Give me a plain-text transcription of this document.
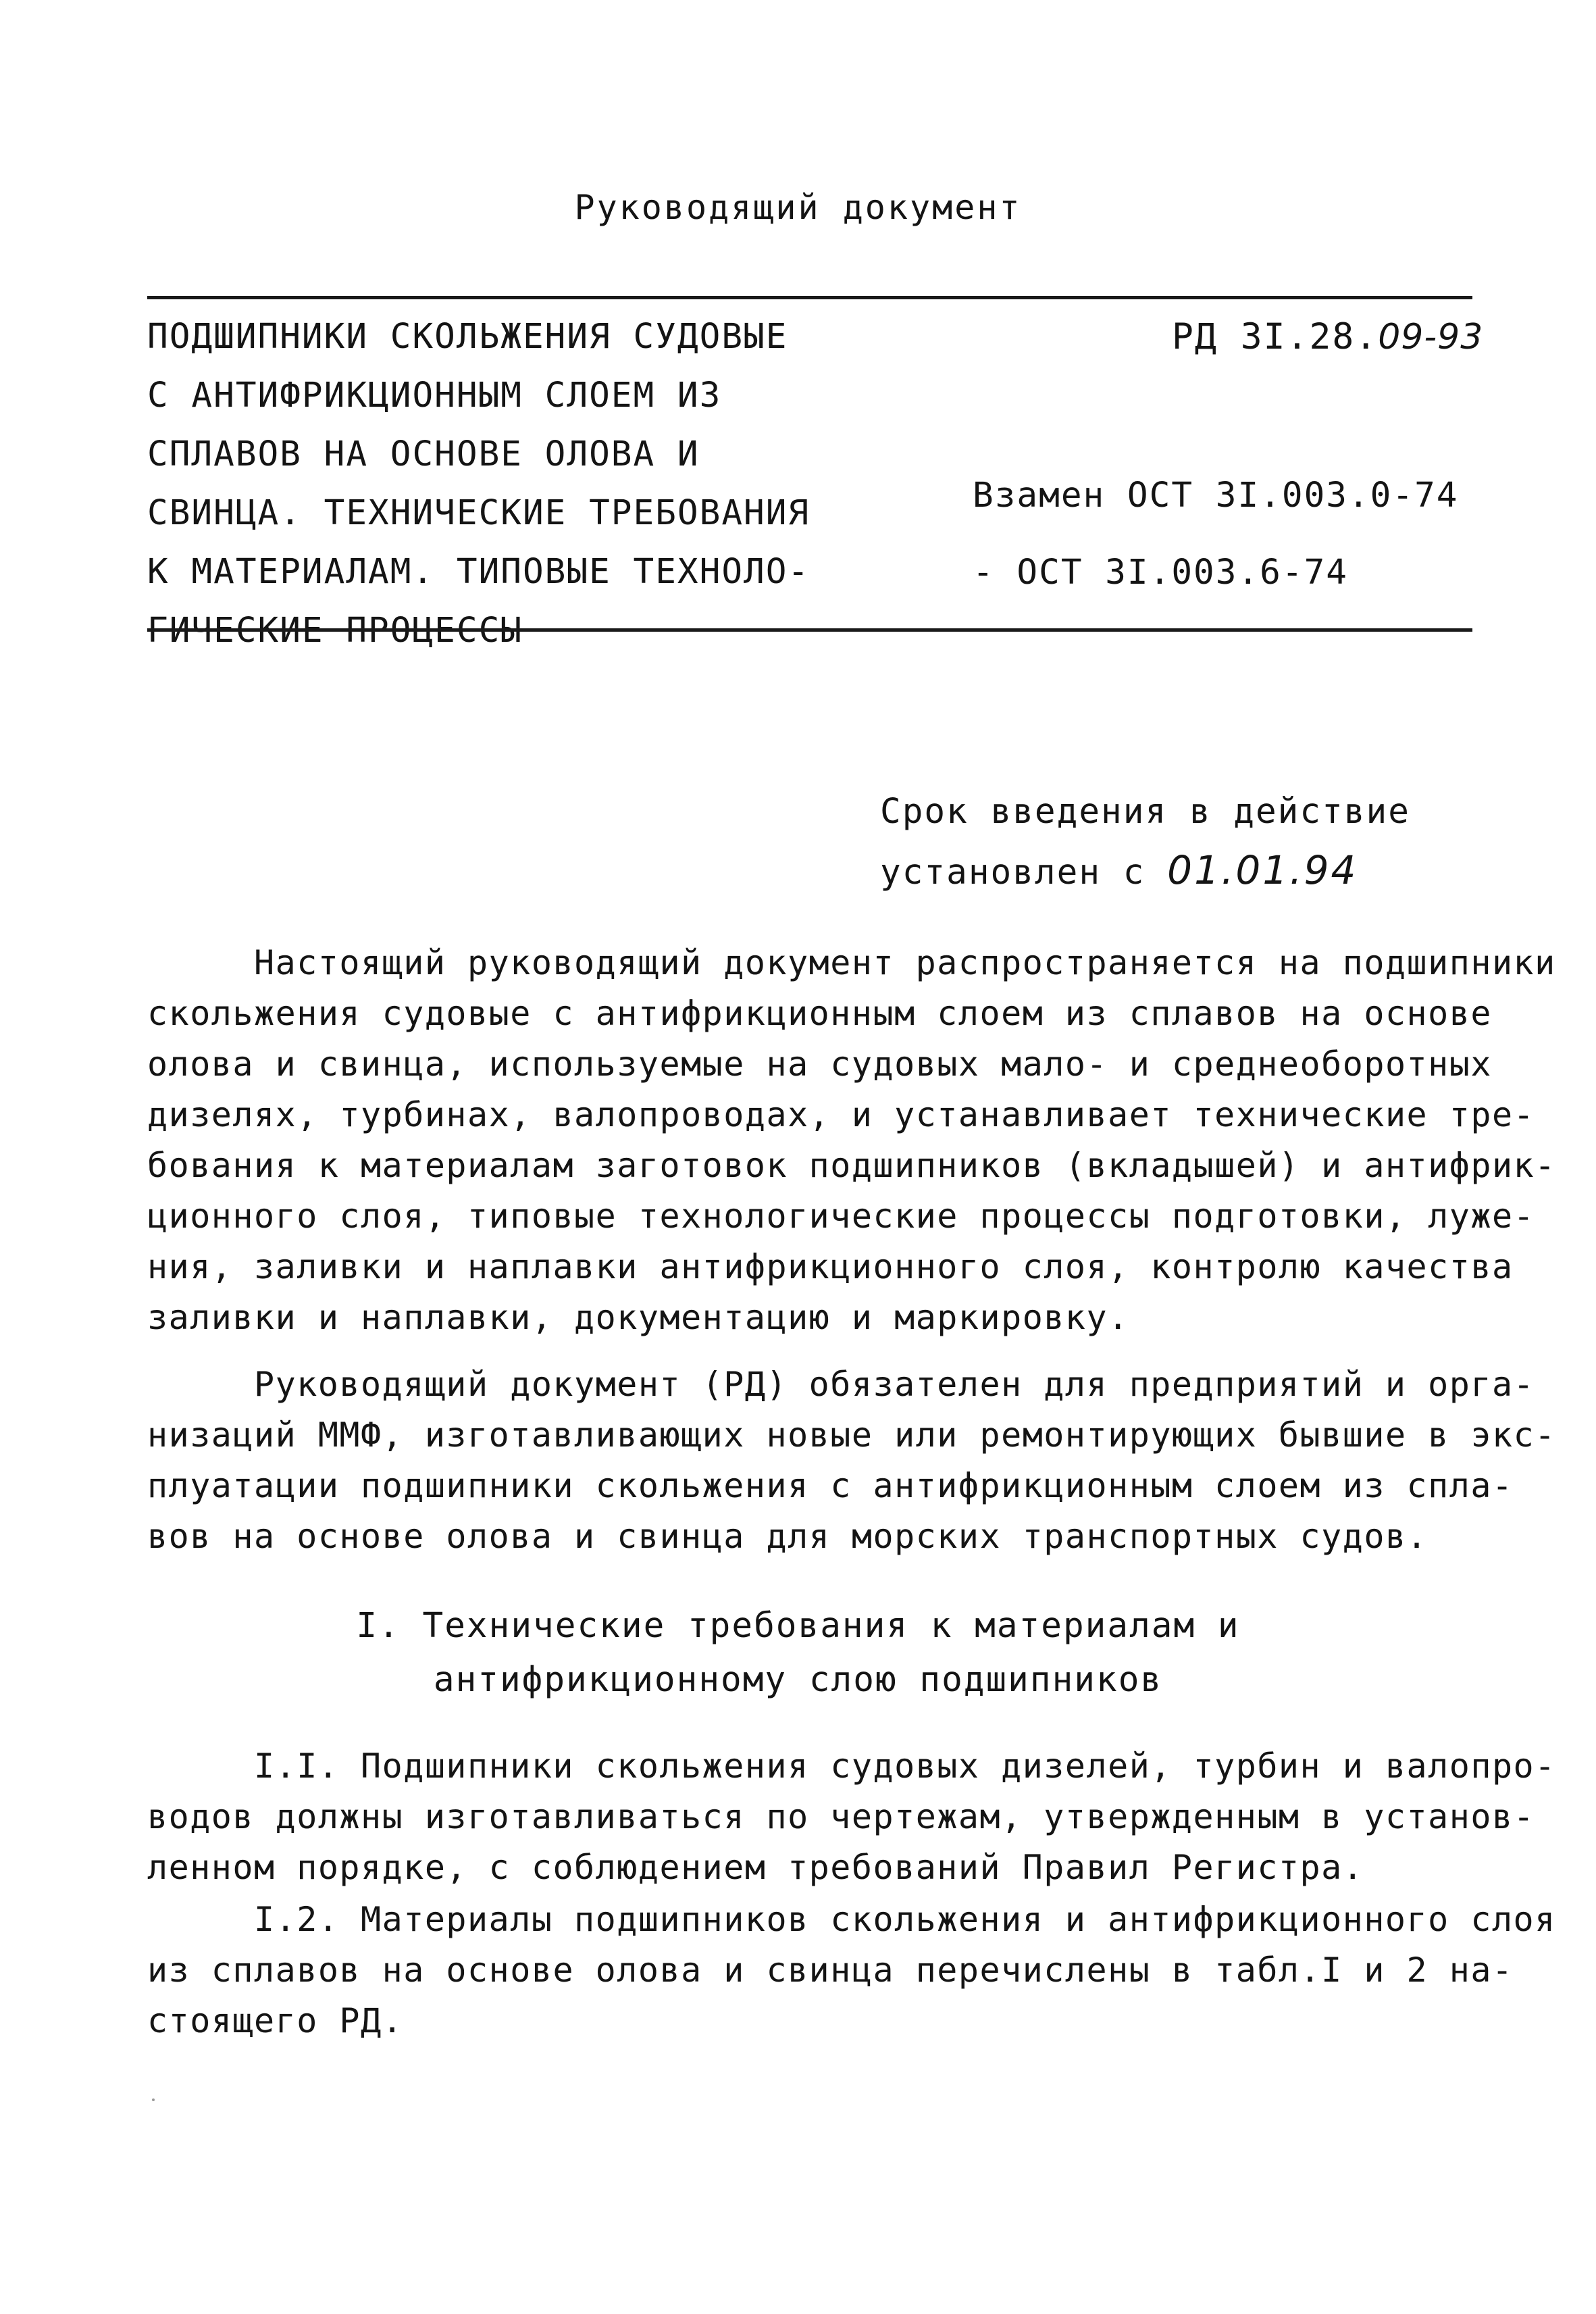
Руководящий документ
ПОДШИПНИКИ СКОЛЬЖЕНИЯ СУДОВЫЕ
С АНТИФРИКЦИОННЫМ СЛОЕМ ИЗ
СПЛАВОВ НА ОСНОВЕ ОЛОВА И
СВИНЦА. ТЕХНИЧЕСКИЕ ТРЕБОВАНИЯ
К МАТЕРИАЛАМ. ТИПОВЫЕ ТЕХНОЛО-
ГИЧЕСКИЕ ПРОЦЕССЫ
РД 3I.28.09-93
Взамен ОСТ 3I.003.0-74
- ОСТ 3I.003.6-74
Срок введения в действие
установлен с 01.01.94
Настоящий руководящий документ распространяется на подшипники
скольжения судовые с антифрикционным слоем из сплавов на основе
олова и свинца, используемые на судовых мало- и среднеоборотных
дизелях, турбинах, валопроводах, и устанавливает технические тре-
бования к материалам заготовок подшипников (вкладышей) и антифрик-
ционного слоя, типовые технологические процессы подготовки, луже-
ния, заливки и наплавки антифрикционного слоя, контролю качества
заливки и наплавки, документацию и маркировку.
Руководящий документ (РД) обязателен для предприятий и орга-
низаций ММФ, изготавливающих новые или ремонтирующих бывшие в экс-
плуатации подшипники скольжения с антифрикционным слоем из спла-
вов на основе олова и свинца для морских транспортных судов.
I. Технические требования к материалам и
антифрикционному слою подшипников
I.I. Подшипники скольжения судовых дизелей, турбин и валопро-
водов должны изготавливаться по чертежам, утвержденным в установ-
ленном порядке, с соблюдением требований Правил Регистра.
I.2. Материалы подшипников скольжения и антифрикционного слоя
из сплавов на основе олова и свинца перечислены в табл.I и 2 на-
стоящего РД.
